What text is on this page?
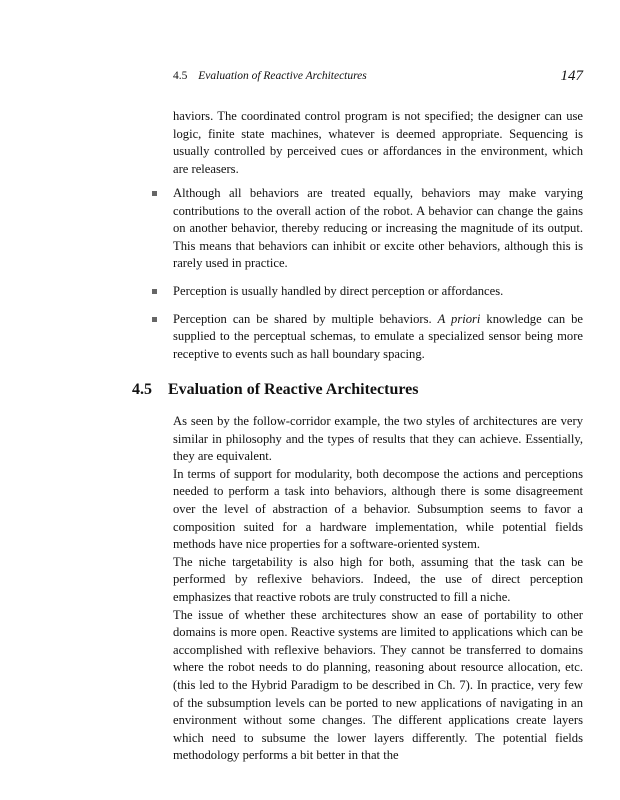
4.5 Evaluation of Reactive Architectures	147

haviors. The coordinated control program is not specified; the designer can use logic, finite state machines, whatever is deemed appropriate. Sequencing is usually controlled by perceived cues or affordances in the environment, which are releasers.

Although all behaviors are treated equally, behaviors may make varying contributions to the overall action of the robot. A behavior can change the gains on another behavior, thereby reducing or increasing the magnitude of its output. This means that behaviors can inhibit or excite other behaviors, although this is rarely used in practice.
Perception is usually handled by direct perception or affordances.
Perception can be shared by multiple behaviors. A priori knowledge can be supplied to the perceptual schemas, to emulate a specialized sensor being more receptive to events such as hall boundary spacing.
4.5 Evaluation of Reactive Architectures

As seen by the follow-corridor example, the two styles of architectures are very similar in philosophy and the types of results that they can achieve. Essentially, they are equivalent.

In terms of support for modularity, both decompose the actions and perceptions needed to perform a task into behaviors, although there is some disagreement over the level of abstraction of a behavior. Subsumption seems to favor a composition suited for a hardware implementation, while potential fields methods have nice properties for a software-oriented system.

The niche targetability is also high for both, assuming that the task can be performed by reflexive behaviors. Indeed, the use of direct perception emphasizes that reactive robots are truly constructed to fill a niche.

The issue of whether these architectures show an ease of portability to other domains is more open. Reactive systems are limited to applications which can be accomplished with reflexive behaviors. They cannot be transferred to domains where the robot needs to do planning, reasoning about resource allocation, etc. (this led to the Hybrid Paradigm to be described in Ch. 7). In practice, very few of the subsumption levels can be ported to new applications of navigating in an environment without some changes. The different applications create layers which need to subsume the lower layers differently. The potential fields methodology performs a bit better in that the
